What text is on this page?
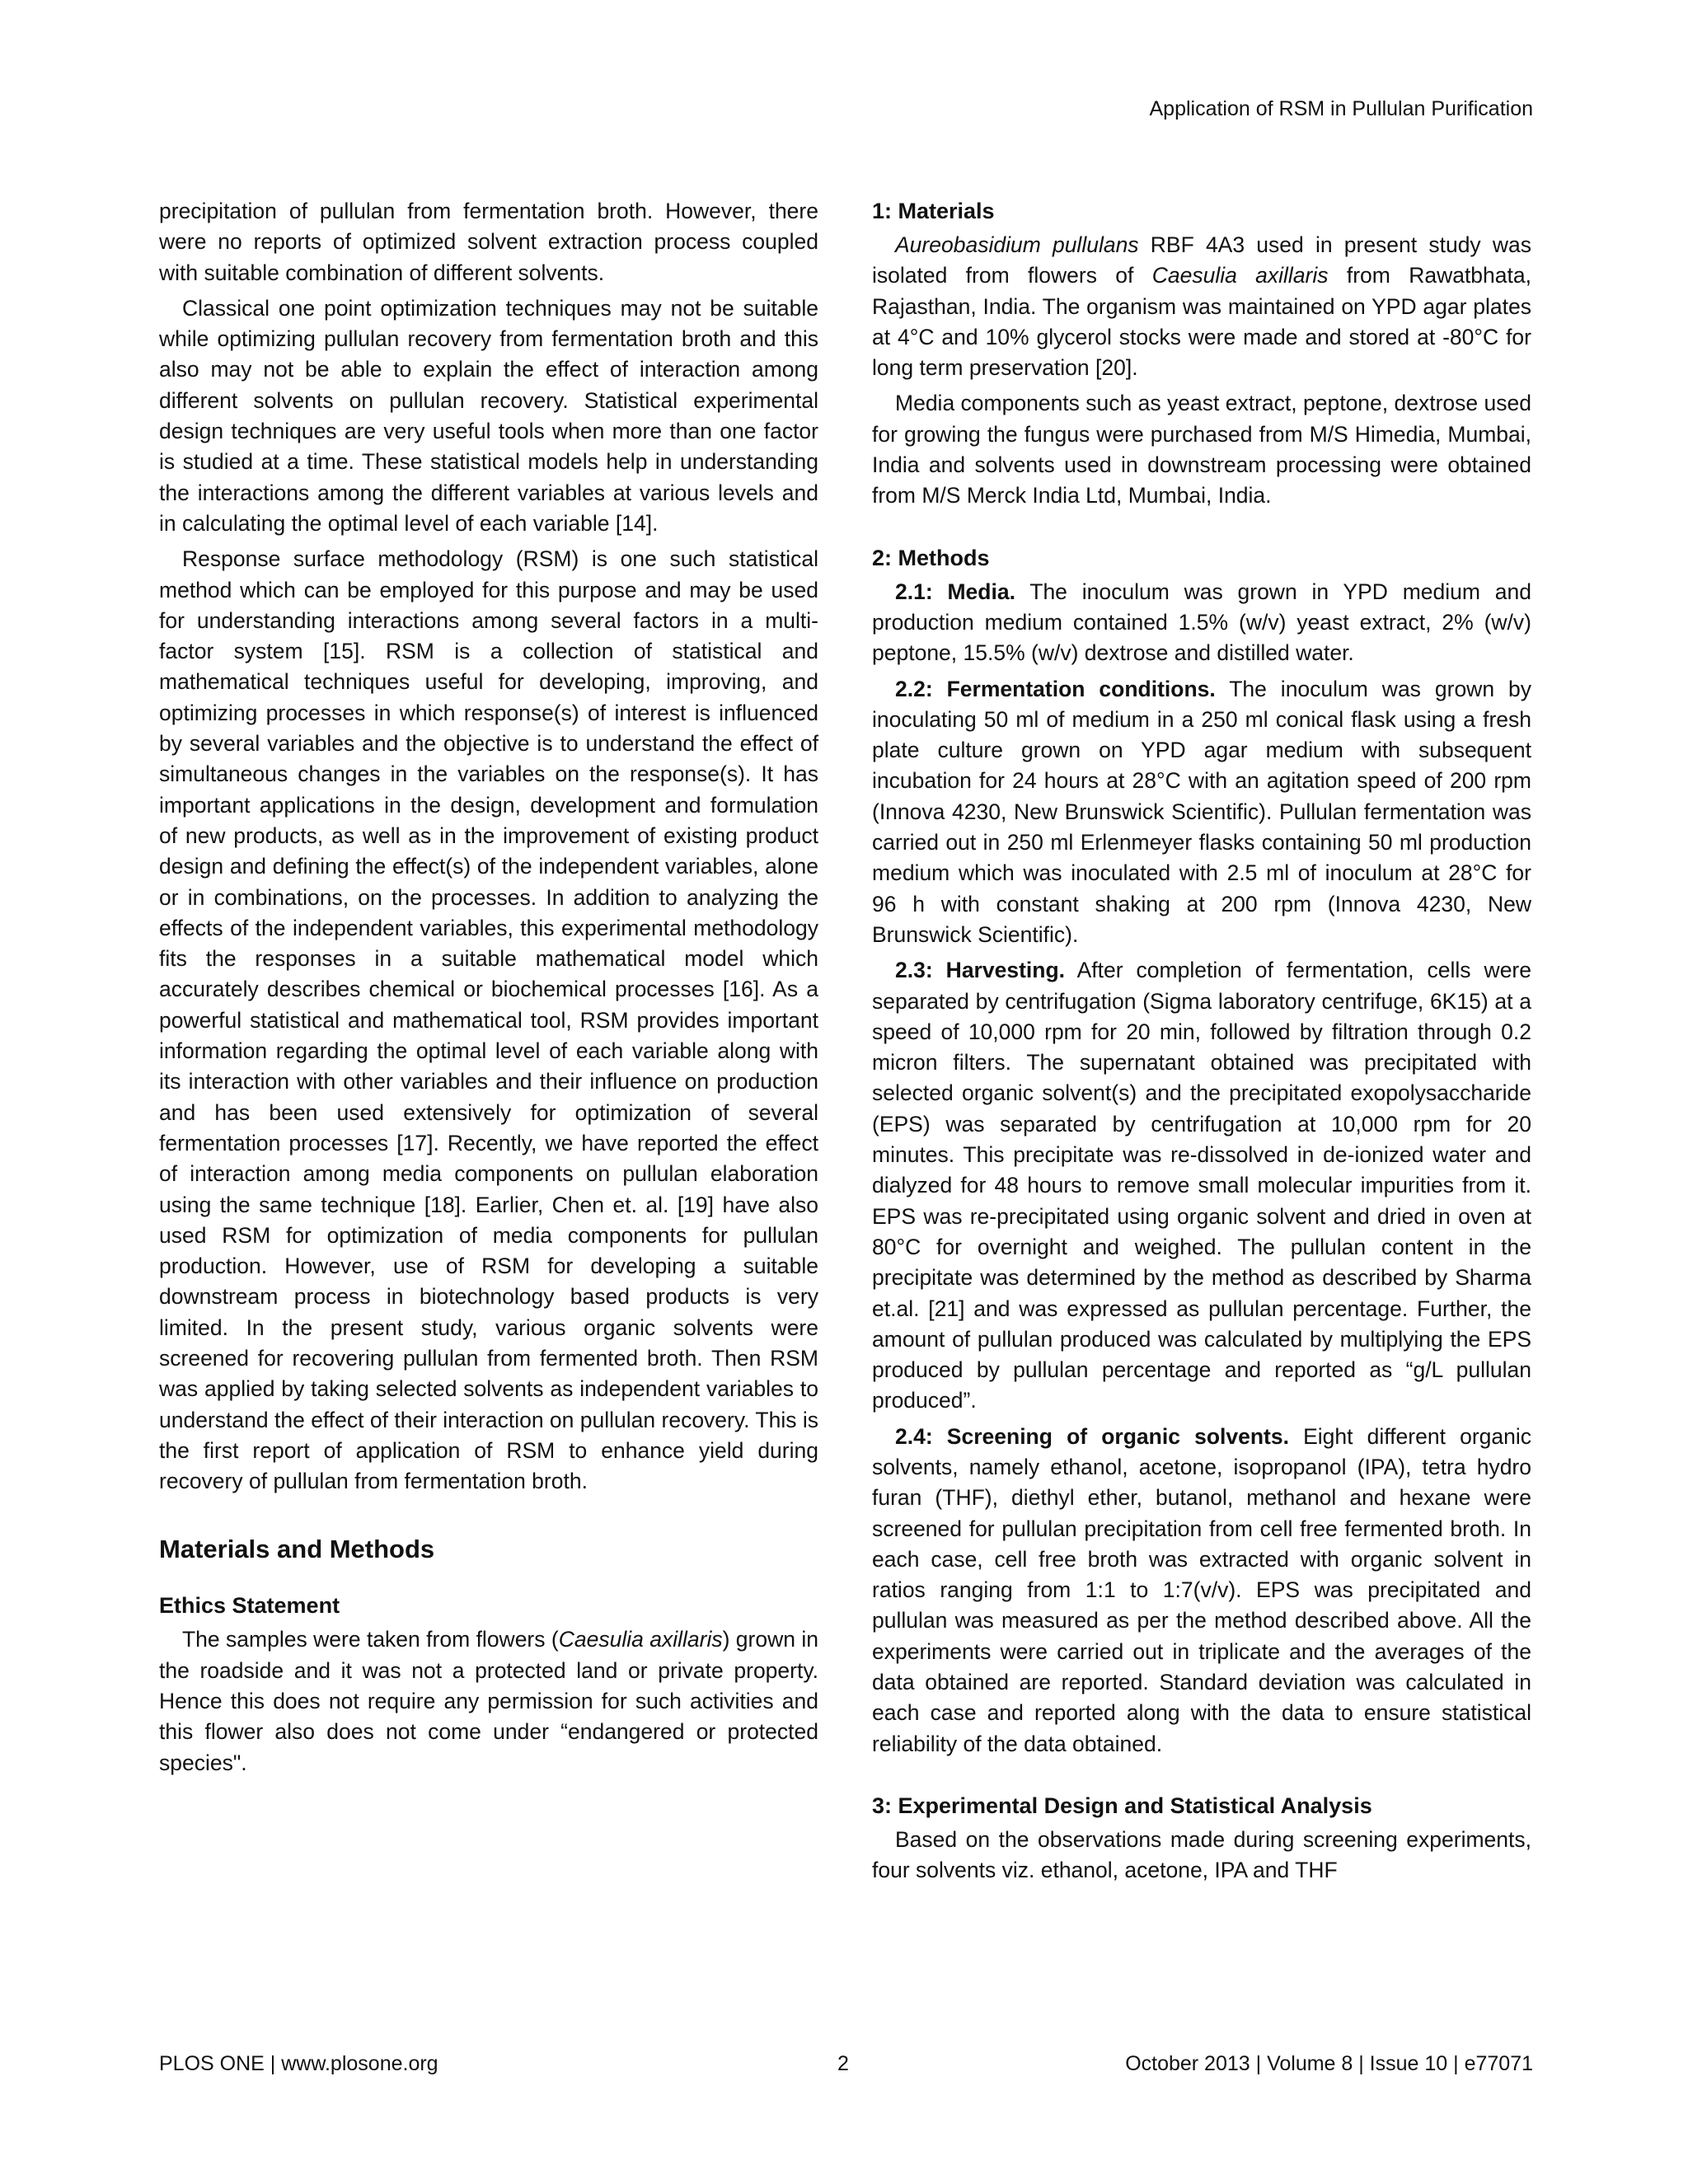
Application of RSM in Pullulan Purification

precipitation of pullulan from fermentation broth. However, there were no reports of optimized solvent extraction process coupled with suitable combination of different solvents.

Classical one point optimization techniques may not be suitable while optimizing pullulan recovery from fermentation broth and this also may not be able to explain the effect of interaction among different solvents on pullulan recovery. Statistical experimental design techniques are very useful tools when more than one factor is studied at a time. These statistical models help in understanding the interactions among the different variables at various levels and in calculating the optimal level of each variable [14].

Response surface methodology (RSM) is one such statistical method which can be employed for this purpose and may be used for understanding interactions among several factors in a multi-factor system [15]. RSM is a collection of statistical and mathematical techniques useful for developing, improving, and optimizing processes in which response(s) of interest is influenced by several variables and the objective is to understand the effect of simultaneous changes in the variables on the response(s). It has important applications in the design, development and formulation of new products, as well as in the improvement of existing product design and defining the effect(s) of the independent variables, alone or in combinations, on the processes. In addition to analyzing the effects of the independent variables, this experimental methodology fits the responses in a suitable mathematical model which accurately describes chemical or biochemical processes [16]. As a powerful statistical and mathematical tool, RSM provides important information regarding the optimal level of each variable along with its interaction with other variables and their influence on production and has been used extensively for optimization of several fermentation processes [17]. Recently, we have reported the effect of interaction among media components on pullulan elaboration using the same technique [18]. Earlier, Chen et. al. [19] have also used RSM for optimization of media components for pullulan production. However, use of RSM for developing a suitable downstream process in biotechnology based products is very limited. In the present study, various organic solvents were screened for recovering pullulan from fermented broth. Then RSM was applied by taking selected solvents as independent variables to understand the effect of their interaction on pullulan recovery. This is the first report of application of RSM to enhance yield during recovery of pullulan from fermentation broth.

Materials and Methods
Ethics Statement

The samples were taken from flowers (Caesulia axillaris) grown in the roadside and it was not a protected land or private property. Hence this does not require any permission for such activities and this flower also does not come under “endangered or protected species".

1: Materials

Aureobasidium pullulans RBF 4A3 used in present study was isolated from flowers of Caesulia axillaris from Rawatbhata, Rajasthan, India. The organism was maintained on YPD agar plates at 4°C and 10% glycerol stocks were made and stored at -80°C for long term preservation [20].

Media components such as yeast extract, peptone, dextrose used for growing the fungus were purchased from M/S Himedia, Mumbai, India and solvents used in downstream processing were obtained from M/S Merck India Ltd, Mumbai, India.

2: Methods

2.1: Media. The inoculum was grown in YPD medium and production medium contained 1.5% (w/v) yeast extract, 2% (w/v) peptone, 15.5% (w/v) dextrose and distilled water.

2.2: Fermentation conditions. The inoculum was grown by inoculating 50 ml of medium in a 250 ml conical flask using a fresh plate culture grown on YPD agar medium with subsequent incubation for 24 hours at 28°C with an agitation speed of 200 rpm (Innova 4230, New Brunswick Scientific). Pullulan fermentation was carried out in 250 ml Erlenmeyer flasks containing 50 ml production medium which was inoculated with 2.5 ml of inoculum at 28°C for 96 h with constant shaking at 200 rpm (Innova 4230, New Brunswick Scientific).

2.3: Harvesting. After completion of fermentation, cells were separated by centrifugation (Sigma laboratory centrifuge, 6K15) at a speed of 10,000 rpm for 20 min, followed by filtration through 0.2 micron filters. The supernatant obtained was precipitated with selected organic solvent(s) and the precipitated exopolysaccharide (EPS) was separated by centrifugation at 10,000 rpm for 20 minutes. This precipitate was re-dissolved in de-ionized water and dialyzed for 48 hours to remove small molecular impurities from it. EPS was re-precipitated using organic solvent and dried in oven at 80°C for overnight and weighed. The pullulan content in the precipitate was determined by the method as described by Sharma et.al. [21] and was expressed as pullulan percentage. Further, the amount of pullulan produced was calculated by multiplying the EPS produced by pullulan percentage and reported as “g/L pullulan produced”.

2.4: Screening of organic solvents. Eight different organic solvents, namely ethanol, acetone, isopropanol (IPA), tetra hydro furan (THF), diethyl ether, butanol, methanol and hexane were screened for pullulan precipitation from cell free fermented broth. In each case, cell free broth was extracted with organic solvent in ratios ranging from 1:1 to 1:7(v/v). EPS was precipitated and pullulan was measured as per the method described above. All the experiments were carried out in triplicate and the averages of the data obtained are reported. Standard deviation was calculated in each case and reported along with the data to ensure statistical reliability of the data obtained.

3: Experimental Design and Statistical Analysis

Based on the observations made during screening experiments, four solvents viz. ethanol, acetone, IPA and THF

PLOS ONE | www.plosone.org	2	October 2013 | Volume 8 | Issue 10 | e77071
